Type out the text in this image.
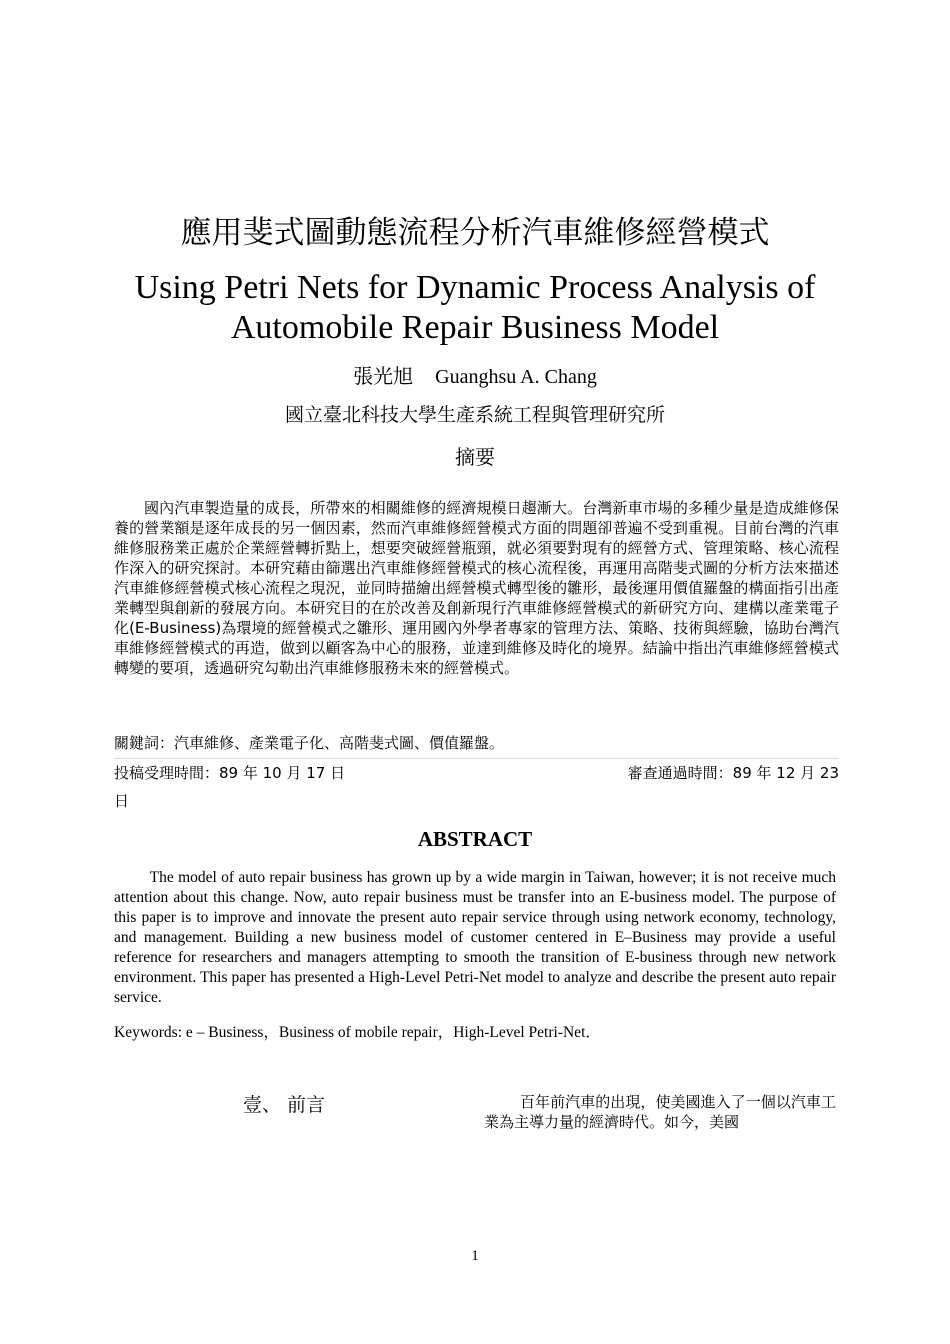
應用斐式圖動態流程分析汽車維修經營模式
Using Petri Nets for Dynamic Process Analysis of Automobile Repair Business Model
張光旭 Guanghsu A. Chang
國立臺北科技大學生產系統工程與管理研究所
摘要
國內汽車製造量的成長，所帶來的相關維修的經濟規模日趨漸大。台灣新車市場的多種少量是造成維修保養的營業額是逐年成長的另一個因素，然而汽車維修經營模式方面的問題卻普遍不受到重視。目前台灣的汽車維修服務業正處於企業經營轉折點上，想要突破經營瓶頸，就必須要對現有的經營方式、管理策略、核心流程作深入的研究探討。本研究藉由篩選出汽車維修經營模式的核心流程後，再運用高階斐式圖的分析方法來描述汽車維修經營模式核心流程之現況，並同時描繪出經營模式轉型後的雛形，最後運用價值羅盤的構面指引出產業轉型與創新的發展方向。本研究目的在於改善及創新現行汽車維修經營模式的新研究方向、建構以產業電子化(E-Business)為環境的經營模式之雛形、運用國內外學者專家的管理方法、策略、技術與經驗，協助台灣汽車維修經營模式的再造，做到以顧客為中心的服務，並達到維修及時化的境界。結論中指出汽車維修經營模式轉變的要項，透過研究勾勒出汽車維修服務未來的經營模式。
關鍵詞：汽車維修、產業電子化、高階斐式圖、價值羅盤。
投稿受理時間：89 年 10 月 17 日	審查通過時間：89 年 12 月 23
日
ABSTRACT
The model of auto repair business has grown up by a wide margin in Taiwan, however; it is not receive much attention about this change. Now, auto repair business must be transfer into an E-business model. The purpose of this paper is to improve and innovate the present auto repair service through using network economy, technology, and management. Building a new business model of customer centered in E–Business may provide a useful reference for researchers and managers attempting to smooth the transition of E-business through new network environment. This paper has presented a High-Level Petri-Net model to analyze and describe the present auto repair service.
Keywords: e – Business，Business of mobile repair，High-Level Petri-Net．
壹、 前言	百年前汽車的出現，使美國進入了一個以汽車工業為主導力量的經濟時代。如今，美國
1
